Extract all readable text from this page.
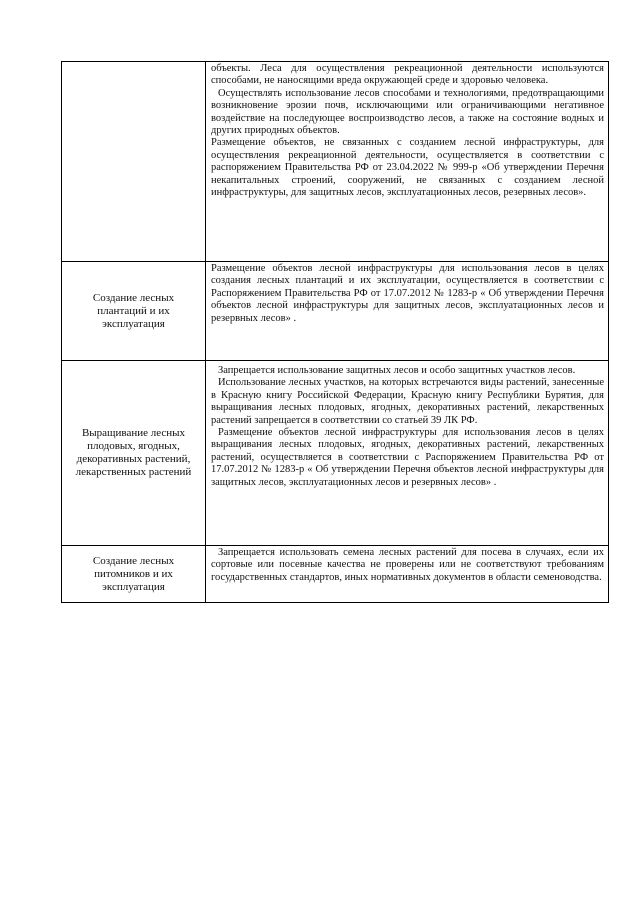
	объекты. Леса для осуществления рекреационной деятельности используются способами, не наносящими вреда окружающей среде и здоровью человека.

Осуществлять использование лесов способами и технологиями, предотвращающими возникновение эрозии почв, исключающими или ограничивающими негативное воздействие на последующее воспроизводство лесов, а также на состояние водных и других природных объектов.

Размещение объектов, не связанных с созданием лесной инфраструктуры, для осуществления рекреационной деятельности, осуществляется в соответствии с распоряжением Правительства РФ от 23.04.2022 № 999-р «Об утверждении Перечня некапитальных строений, сооружений, не связанных с созданием лесной инфраструктуры, для защитных лесов, эксплуатационных лесов, резервных лесов».

Создание лесных плантаций и их эксплуатация	Размещение объектов лесной инфраструктуры для использования лесов в целях создания лесных плантаций и их эксплуатации, осуществляется в соответствии с Распоряжением Правительства РФ от 17.07.2012 № 1283-р « Об утверждении Перечня объектов лесной инфраструктуры для защитных лесов, эксплуатационных лесов и резервных лесов» .

Выращивание лесных плодовых, ягодных, декоративных растений, лекарственных растений	Запрещается использование защитных лесов и особо защитных участков лесов.

Использование лесных участков, на которых встречаются виды растений, занесенные в Красную книгу Российской Федерации, Красную книгу Республики Бурятия, для выращивания лесных плодовых, ягодных, декоративных растений, лекарственных растений запрещается в соответствии со статьей 39 ЛК РФ.

Размещение объектов лесной инфраструктуры для использования лесов в целях выращивания лесных плодовых, ягодных, декоративных растений, лекарственных растений, осуществляется в соответствии с Распоряжением Правительства РФ от 17.07.2012 № 1283-р « Об утверждении Перечня объектов лесной инфраструктуры для защитных лесов, эксплуатационных лесов и резервных лесов» .

Создание лесных питомников и их эксплуатация	Запрещается использовать семена лесных растений для посева в случаях, если их сортовые или посевные качества не проверены или не соответствуют требованиям государственных стандартов, иных нормативных документов в области семеноводства.
